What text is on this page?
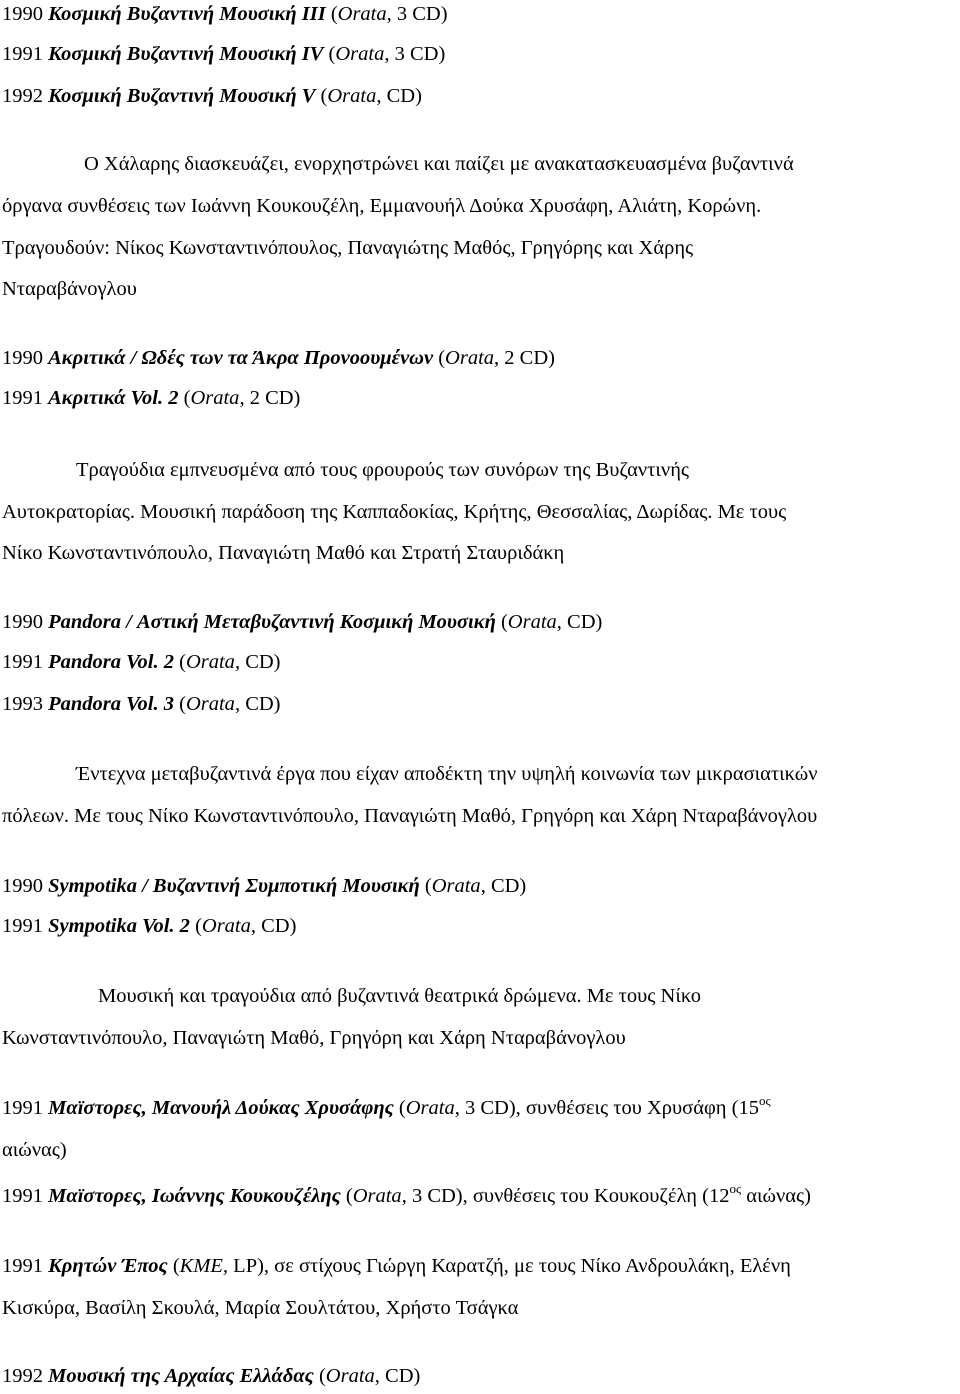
1990 Κοσμική Βυζαντινή Μουσική ΙΙΙ (Orata, 3 CD)
1991 Κοσμική Βυζαντινή Μουσική IV (Orata, 3 CD)
1992 Κοσμική Βυζαντινή Μουσική V (Orata, CD)
Ο Χάλαρης διασκευάζει, ενορχηστρώνει και παίζει με ανακατασκευασμένα βυζαντινά
όργανα συνθέσεις των Ιωάννη Κουκουζέλη, Εμμανουήλ Δούκα Χρυσάφη, Αλιάτη, Κορώνη.
Τραγουδούν: Νίκος Κωνσταντινόπουλος, Παναγιώτης Μαθός, Γρηγόρης και Χάρης
Νταραβάνογλου
1990 Ακριτικά / Ωδές των τα Άκρα Προνοουμένων (Orata, 2 CD)
1991 Ακριτικά Vol. 2 (Orata, 2 CD)
Τραγούδια εμπνευσμένα από τους φρουρούς των συνόρων της Βυζαντινής
Αυτοκρατορίας. Μουσική παράδοση της Καππαδοκίας, Κρήτης, Θεσσαλίας, Δωρίδας. Με τους
Νίκο Κωνσταντινόπουλο, Παναγιώτη Μαθό και Στρατή Σταυριδάκη
1990 Pandora / Αστική Μεταβυζαντινή Κοσμική Μουσική (Orata, CD)
1991 Pandora Vol. 2 (Orata, CD)
1993 Pandora Vol. 3 (Orata, CD)
Έντεχνα μεταβυζαντινά έργα που είχαν αποδέκτη την υψηλή κοινωνία των μικρασιατικών
πόλεων. Με τους Νίκο Κωνσταντινόπουλο, Παναγιώτη Μαθό, Γρηγόρη και Χάρη Νταραβάνογλου
1990 Sympotika / Βυζαντινή Συμποτική Μουσική (Orata, CD)
1991 Sympotika Vol. 2 (Orata, CD)
Μουσική και τραγούδια από βυζαντινά θεατρικά δρώμενα. Με τους Νίκο
Κωνσταντινόπουλο, Παναγιώτη Μαθό, Γρηγόρη και Χάρη Νταραβάνογλου
1991 Μαϊστορες, Μανουήλ Δούκας Χρυσάφης (Orata, 3 CD), συνθέσεις του Χρυσάφη ($15^{o\varsigma}$
αιώνας)
1991 Μαϊστορες, Ιωάννης Κουκουζέλης (Orata, 3 CD), συνθέσεις του Κουκουζέλη ($12^{o\varsigma}$ αιώνας)
1991 Κρητών Έπος (ΚΜΕ, LP), σε στίχους Γιώργη Καρατζή, με τους Νίκο Ανδρουλάκη, Ελένη
Κισκύρα, Βασίλη Σκουλά, Μαρία Σουλτάτου, Χρήστο Τσάγκα
1992 Μουσική της Αρχαίας Ελλάδας (Orata, CD)
